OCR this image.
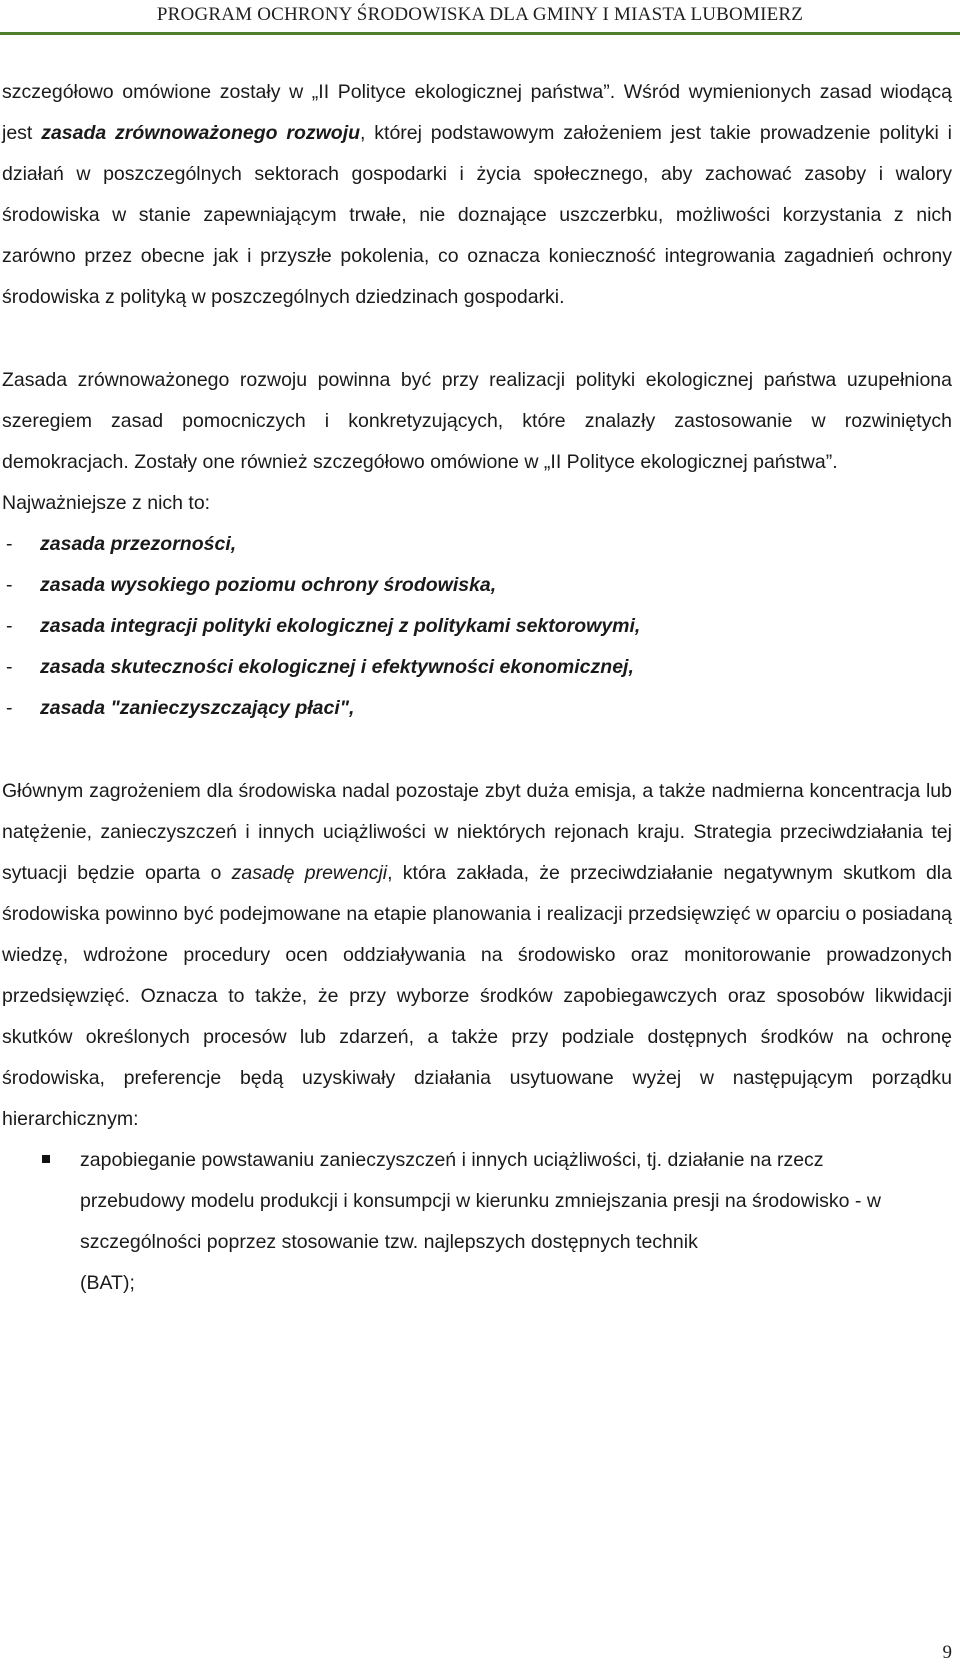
PROGRAM OCHRONY ŚRODOWISKA DLA GMINY I MIASTA LUBOMIERZ

szczegółowo omówione zostały w „II Polityce ekologicznej państwa”. Wśród wymienionych zasad wiodącą jest zasada zrównoważonego rozwoju, której podstawowym założeniem jest takie prowadzenie polityki i działań w poszczególnych sektorach gospodarki i życia społecznego, aby zachować zasoby i walory środowiska w stanie zapewniającym trwałe, nie doznające uszczerbku, możliwości korzystania z nich zarówno przez obecne jak i przyszłe pokolenia, co oznacza konieczność integrowania zagadnień ochrony środowiska z polityką w poszczególnych dziedzinach gospodarki.

Zasada zrównoważonego rozwoju powinna być przy realizacji polityki ekologicznej państwa uzupełniona szeregiem zasad pomocniczych i konkretyzujących, które znalazły zastosowanie w rozwiniętych demokracjach. Zostały one również szczegółowo omówione w „II Polityce ekologicznej państwa”.

Najważniejsze z nich to:

- zasada przezorności,
- zasada wysokiego poziomu ochrony środowiska,
- zasada integracji polityki ekologicznej z politykami sektorowymi,
- zasada skuteczności ekologicznej i efektywności ekonomicznej,
- zasada "zanieczyszczający płaci",

Głównym zagrożeniem dla środowiska nadal pozostaje zbyt duża emisja, a także nadmierna koncentracja lub natężenie, zanieczyszczeń i innych uciążliwości w niektórych rejonach kraju. Strategia przeciwdziałania tej sytuacji będzie oparta o zasadę prewencji, która zakłada, że przeciwdziałanie negatywnym skutkom dla środowiska powinno być podejmowane na etapie planowania i realizacji przedsięwzięć w oparciu o posiadaną wiedzę, wdrożone procedury ocen oddziaływania na środowisko oraz monitorowanie prowadzonych przedsięwzięć. Oznacza to także, że przy wyborze środków zapobiegawczych oraz sposobów likwidacji skutków określonych procesów lub zdarzeń, a także przy podziale dostępnych środków na ochronę środowiska, preferencje będą uzyskiwały działania usytuowane wyżej w następującym porządku hierarchicznym:

zapobieganie powstawaniu zanieczyszczeń i innych uciążliwości, tj. działanie na rzecz
przebudowy modelu produkcji i konsumpcji w kierunku zmniejszania presji na środowisko - w szczególności poprzez stosowanie tzw. najlepszych dostępnych technik
(BAT);
9
